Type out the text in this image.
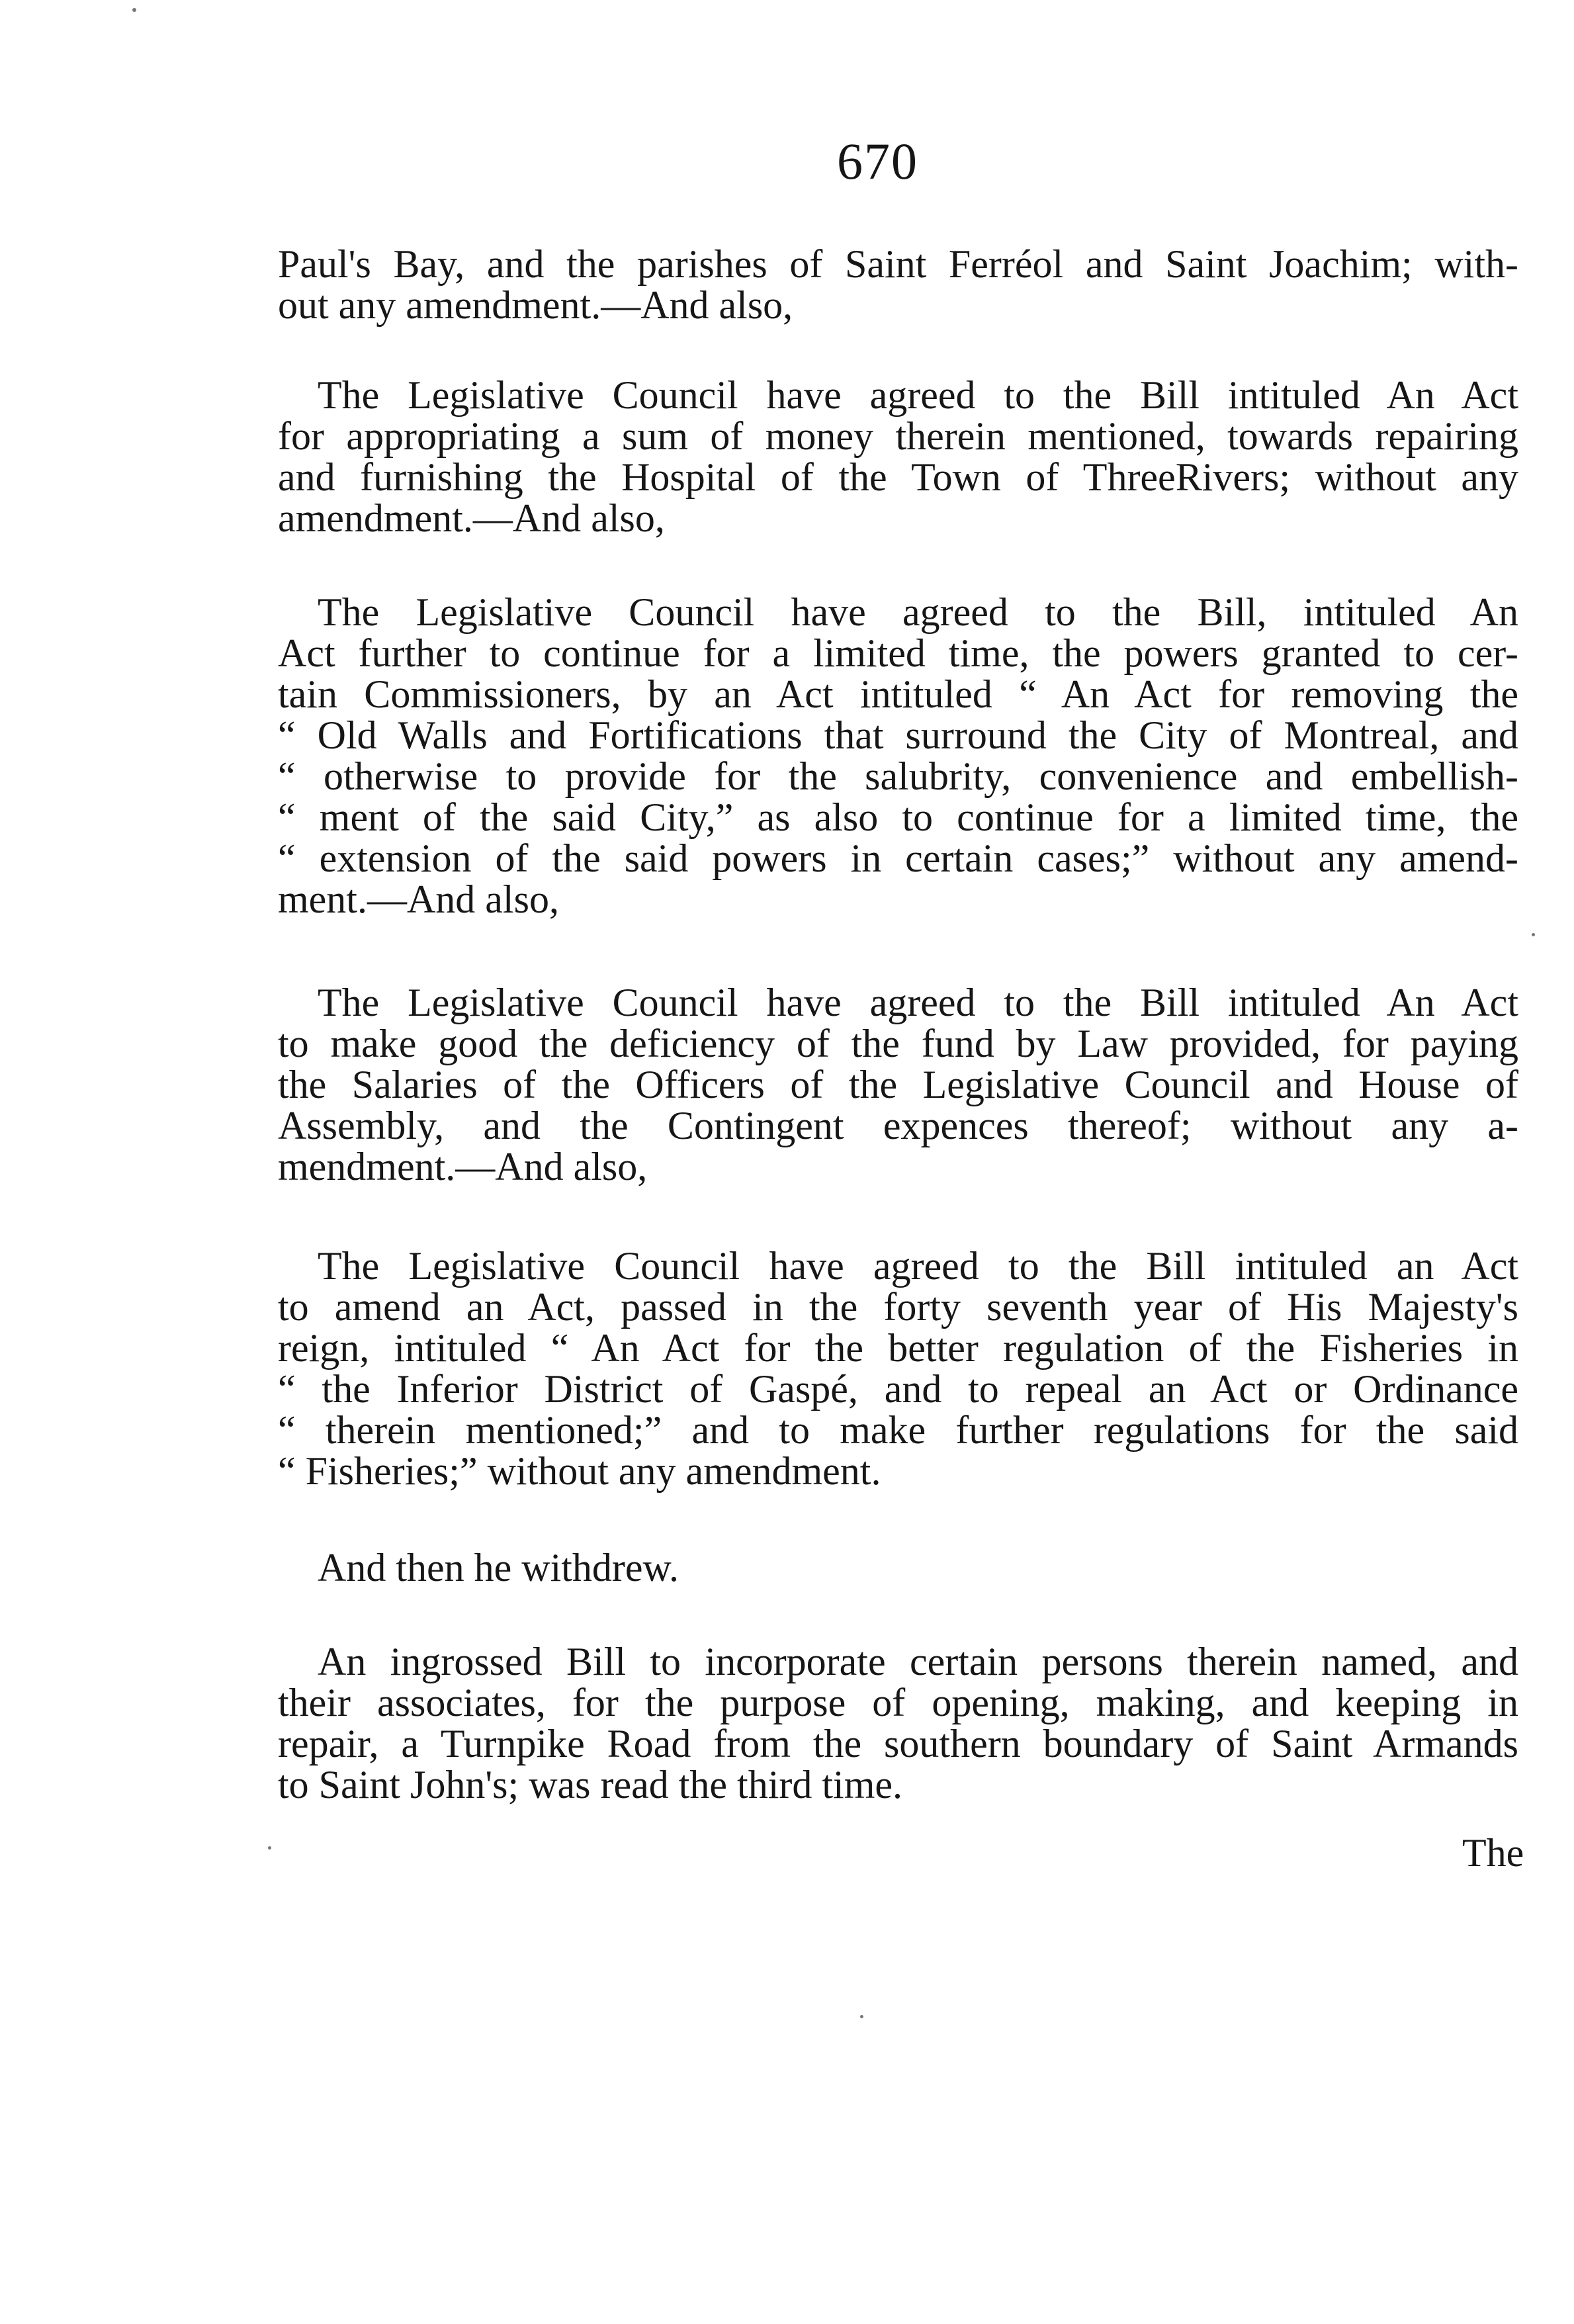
670
Paul's Bay, and the parishes of Saint Ferréol and Saint Joachim; with-
out any amendment.—And also,
The Legislative Council have agreed to the Bill intituled An Act
for appropriating a sum of money therein mentioned, towards repairing
and furnishing the Hospital of the Town of ThreeRivers; without any
amendment.—And also,
The Legislative Council have agreed to the Bill, intituled An
Act further to continue for a limited time, the powers granted to cer-
tain Commissioners, by an Act intituled “ An Act for removing the
“ Old Walls and Fortifications that surround the City of Montreal, and
“ otherwise to provide for the salubrity, convenience and embellish-
“ ment of the said City,” as also to continue for a limited time, the
“ extension of the said powers in certain cases;” without any amend-
ment.—And also,
The Legislative Council have agreed to the Bill intituled An Act
to make good the deficiency of the fund by Law provided, for paying
the Salaries of the Officers of the Legislative Council and House of
Assembly, and the Contingent expences thereof; without any a-
mendment.—And also,
The Legislative Council have agreed to the Bill intituled an Act
to amend an Act, passed in the forty seventh year of His Majesty's
reign, intituled “ An Act for the better regulation of the Fisheries in
“ the Inferior District of Gaspé, and to repeal an Act or Ordinance
“ therein mentioned;” and to make further regulations for the said
“ Fisheries;” without any amendment.
And then he withdrew.
An ingrossed Bill to incorporate certain persons therein named, and
their associates, for the purpose of opening, making, and keeping in
repair, a Turnpike Road from the southern boundary of Saint Armands
to Saint John's; was read the third time.
The
